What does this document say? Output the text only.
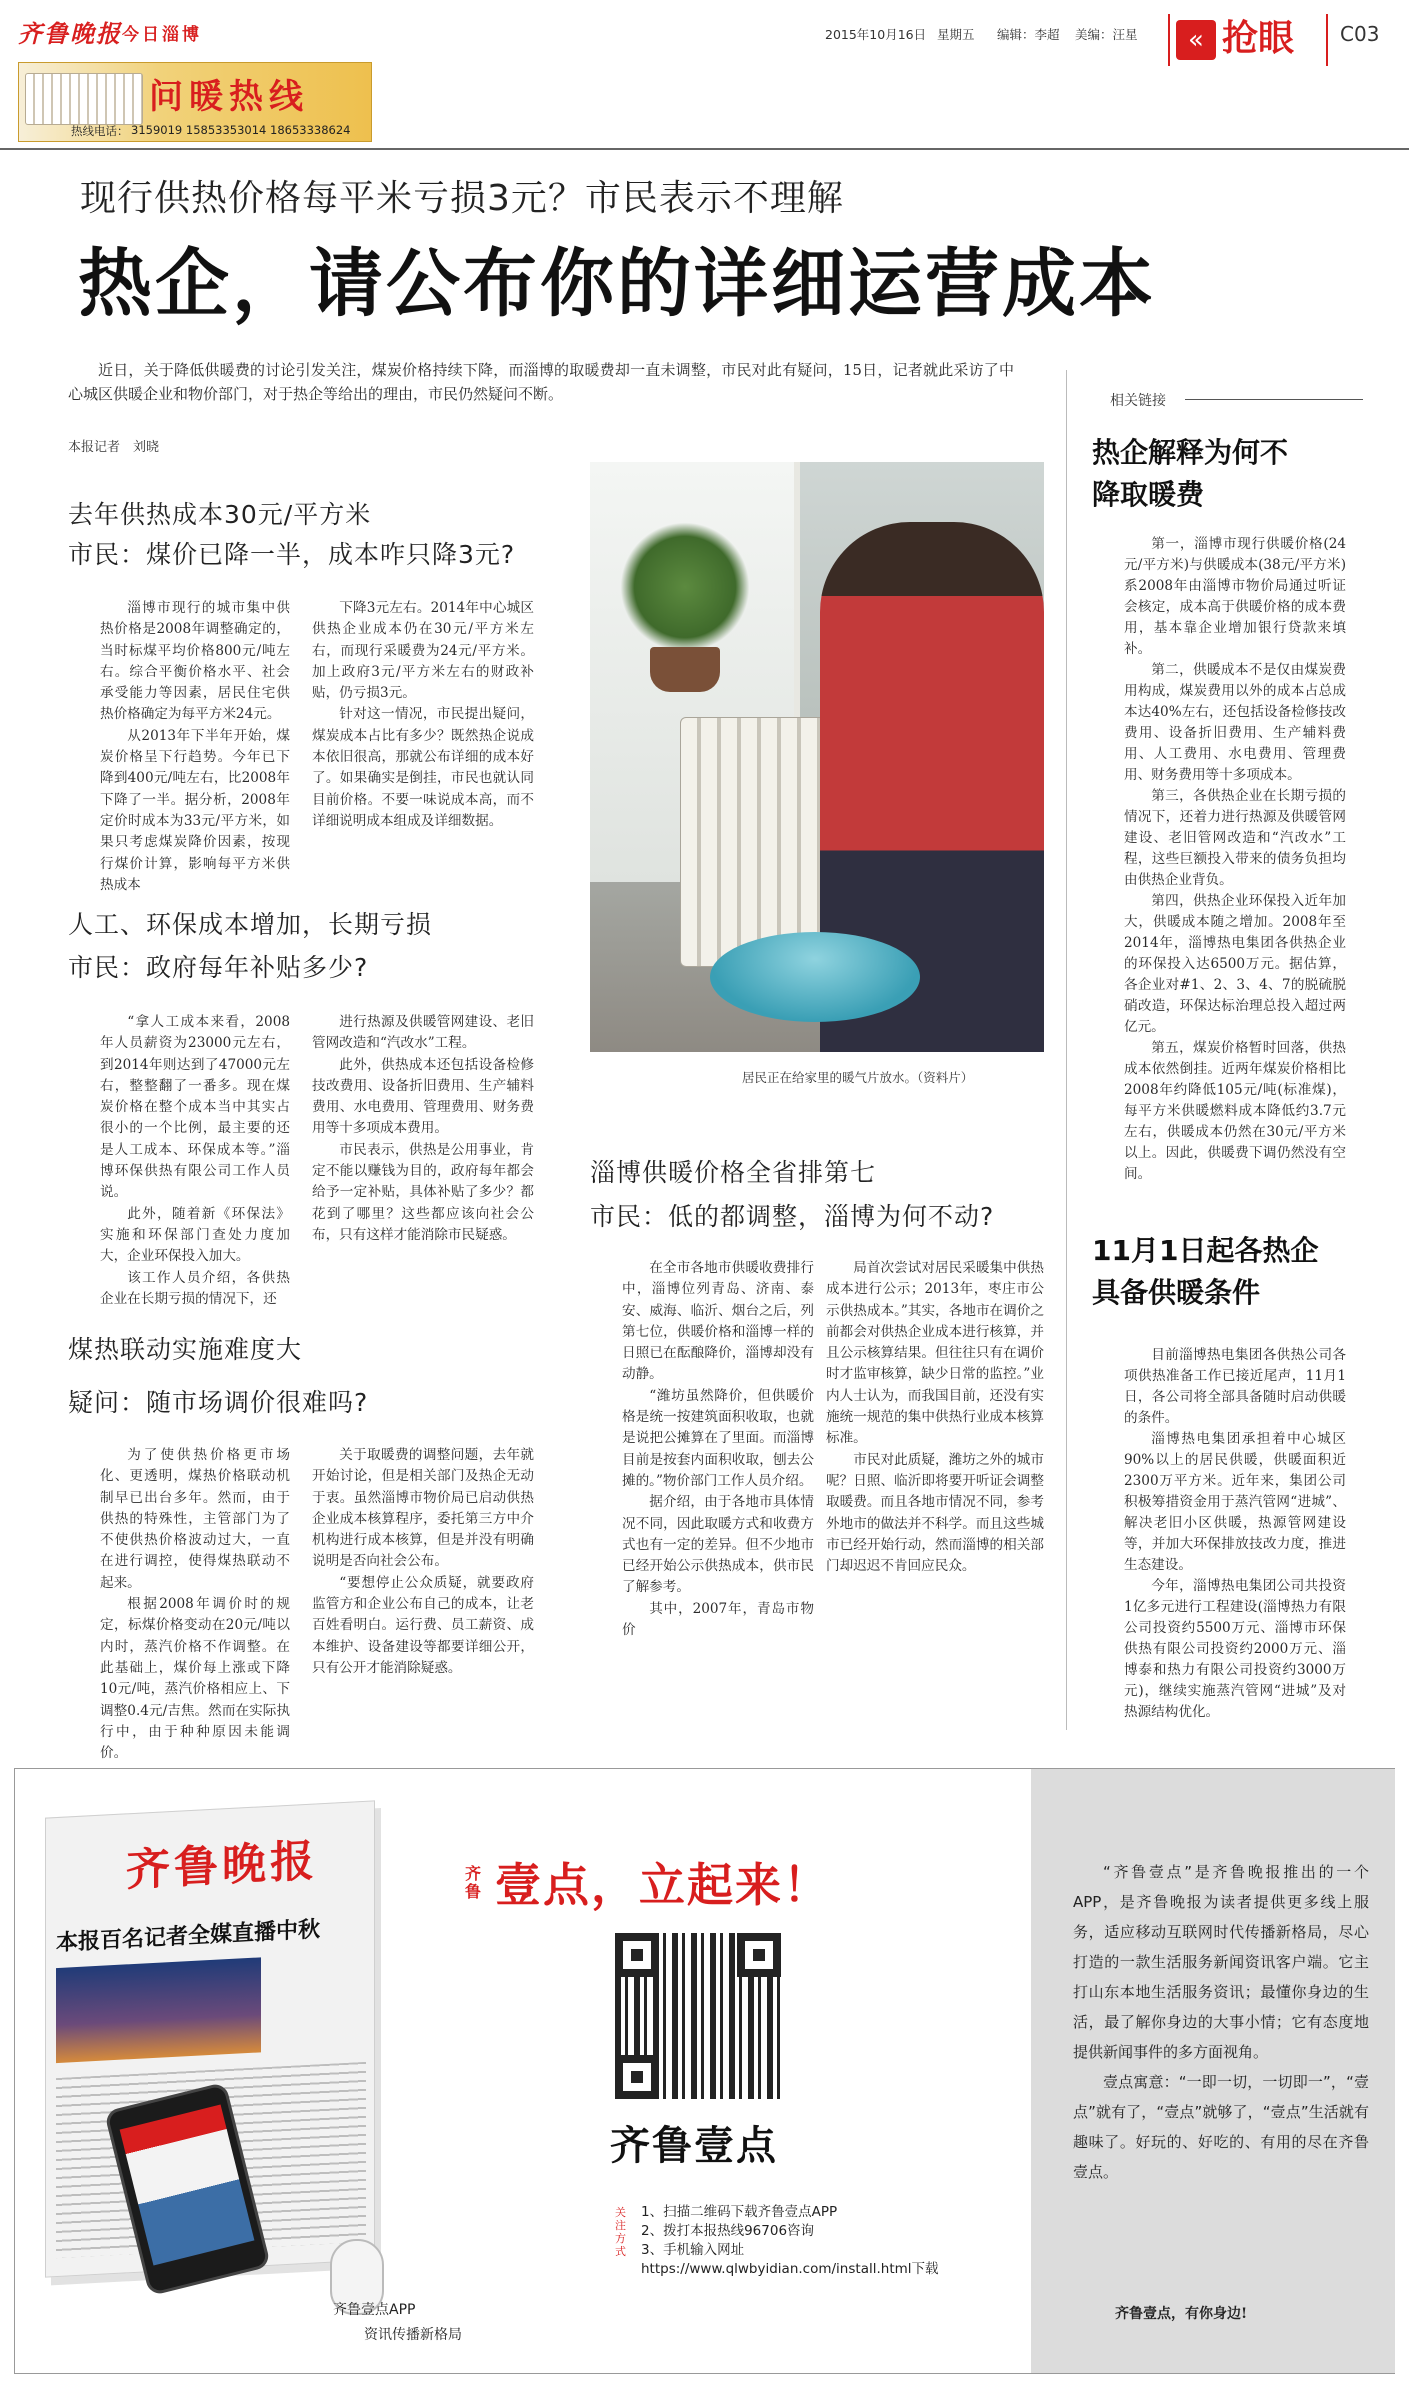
齐鲁晚报 今日淄博	2015年10月16日 星期五 编辑：李超 美编：汪星	« 抢眼 C03
问暖热线
热线电话： 3159019 15853353014 18653338624
现行供热价格每平米亏损3元？市民表示不理解
热企，请公布你的详细运营成本
近日，关于降低供暖费的讨论引发关注，煤炭价格持续下降，而淄博的取暖费却一直未调整，市民对此有疑问，15日，记者就此采访了中心城区供暖企业和物价部门，对于热企等给出的理由，市民仍然疑问不断。
本报记者　刘晓
去年供热成本30元/平方米
市民：煤价已降一半，成本咋只降3元?

淄博市现行的城市集中供热价格是2008年调整确定的，当时标煤平均价格800元/吨左右。综合平衡价格水平、社会承受能力等因素，居民住宅供热价格确定为每平方米24元。

从2013年下半年开始，煤炭价格呈下行趋势。今年已下降到400元/吨左右，比2008年下降了一半。据分析，2008年定价时成本为33元/平方米，如果只考虑煤炭降价因素，按现行煤价计算，影响每平方米供热成本

下降3元左右。2014年中心城区供热企业成本仍在30元/平方米左右，而现行采暖费为24元/平方米。加上政府3元/平方米左右的财政补贴，仍亏损3元。

针对这一情况，市民提出疑问，煤炭成本占比有多少？既然热企说成本依旧很高，那就公布详细的成本好了。如果确实是倒挂，市民也就认同目前价格。不要一味说成本高，而不详细说明成本组成及详细数据。

人工、环保成本增加，长期亏损
市民：政府每年补贴多少?

“拿人工成本来看，2008年人员薪资为23000元左右，到2014年则达到了47000元左右，整整翻了一番多。现在煤炭价格在整个成本当中其实占很小的一个比例，最主要的还是人工成本、环保成本等。”淄博环保供热有限公司工作人员说。

此外，随着新《环保法》实施和环保部门查处力度加大，企业环保投入加大。

该工作人员介绍，各供热企业在长期亏损的情况下，还

进行热源及供暖管网建设、老旧管网改造和“汽改水”工程。

此外，供热成本还包括设备检修技改费用、设备折旧费用、生产辅料费用、水电费用、管理费用、财务费用等十多项成本费用。

市民表示，供热是公用事业，肯定不能以赚钱为目的，政府每年都会给予一定补贴，具体补贴了多少？都花到了哪里？这些都应该向社会公布，只有这样才能消除市民疑惑。

煤热联动实施难度大
疑问：随市场调价很难吗?

为了使供热价格更市场化、更透明，煤热价格联动机制早已出台多年。然而，由于供热的特殊性，主管部门为了不使供热价格波动过大，一直在进行调控，使得煤热联动不起来。

根据2008年调价时的规定，标煤价格变动在20元/吨以内时，蒸汽价格不作调整。在此基础上，煤价每上涨或下降10元/吨，蒸汽价格相应上、下调整0.4元/吉焦。然而在实际执行中，由于种种原因未能调价。

关于取暖费的调整问题，去年就开始讨论，但是相关部门及热企无动于衷。虽然淄博市物价局已启动供热企业成本核算程序，委托第三方中介机构进行成本核算，但是并没有明确说明是否向社会公布。

“要想停止公众质疑，就要政府监管方和企业公布自己的成本，让老百姓看明白。运行费、员工薪资、成本维护、设备建设等都要详细公开，只有公开才能消除疑惑。

居民正在给家里的暖气片放水。（资料片）
淄博供暖价格全省排第七
市民：低的都调整，淄博为何不动?

在全市各地市供暖收费排行中，淄博位列青岛、济南、泰安、威海、临沂、烟台之后，列第七位，供暖价格和淄博一样的日照已在酝酿降价，淄博却没有动静。

“潍坊虽然降价，但供暖价格是统一按建筑面积收取，也就是说把公摊算在了里面。而淄博目前是按套内面积收取，刨去公摊的。”物价部门工作人员介绍。

据介绍，由于各地市具体情况不同，因此取暖方式和收费方式也有一定的差异。但不少地市已经开始公示供热成本，供市民了解参考。

其中，2007年，青岛市物价

局首次尝试对居民采暖集中供热成本进行公示；2013年，枣庄市公示供热成本。”其实，各地市在调价之前都会对供热企业成本进行核算，并且公示核算结果。但往往只有在调价时才监审核算，缺少日常的监控。”业内人士认为，而我国目前，还没有实施统一规范的集中供热行业成本核算标准。

市民对此质疑，潍坊之外的城市呢？日照、临沂即将要开听证会调整取暖费。而且各地市情况不同，参考外地市的做法并不科学。而且这些城市已经开始行动，然而淄博的相关部门却迟迟不肯回应民众。

相关链接
热企解释为何不降取暖费

第一，淄博市现行供暖价格(24元/平方米)与供暖成本(38元/平方米)系2008年由淄博市物价局通过听证会核定，成本高于供暖价格的成本费用，基本靠企业增加银行贷款来填补。

第二，供暖成本不是仅由煤炭费用构成，煤炭费用以外的成本占总成本达40%左右，还包括设备检修技改费用、设备折旧费用、生产辅料费用、人工费用、水电费用、管理费用、财务费用等十多项成本。

第三，各供热企业在长期亏损的情况下，还着力进行热源及供暖管网建设、老旧管网改造和“汽改水”工程，这些巨额投入带来的债务负担均由供热企业背负。

第四，供热企业环保投入近年加大，供暖成本随之增加。2008年至2014年，淄博热电集团各供热企业的环保投入达6500万元。据估算，各企业对#1、2、3、4、7的脱硫脱硝改造，环保达标治理总投入超过两亿元。

第五，煤炭价格暂时回落，供热成本依然倒挂。近两年煤炭价格相比2008年约降低105元/吨(标准煤)，每平方米供暖燃料成本降低约3.7元左右，供暖成本仍然在30元/平方米以上。因此，供暖费下调仍然没有空间。

11月1日起各热企具备供暖条件

目前淄博热电集团各供热公司各项供热准备工作已接近尾声，11月1日，各公司将全部具备随时启动供暖的条件。

淄博热电集团承担着中心城区90%以上的居民供暖，供暖面积近2300万平方米。近年来，集团公司积极筹措资金用于蒸汽管网“进城”、解决老旧小区供暖，热源管网建设等，并加大环保排放技改力度，推进生态建设。

今年，淄博热电集团公司共投资1亿多元进行工程建设(淄博热力有限公司投资约5500万元、淄博市环保供热有限公司投资约2000万元、淄博泰和热力有限公司投资约3000万元)，继续实施蒸汽管网“进城”及对热源结构优化。

齐鲁晚报
本报百名记者全媒直播中秋
齐鲁 壹点，立起来！
齐鲁壹点
关注方式
1、扫描二维码下载齐鲁壹点APP
2、拨打本报热线96706咨询
3、手机输入网址
https://www.qlwbyidian.com/install.html下载
齐鲁壹点APP
资讯传播新格局

“齐鲁壹点”是齐鲁晚报推出的一个APP，是齐鲁晚报为读者提供更多线上服务，适应移动互联网时代传播新格局，尽心打造的一款生活服务新闻资讯客户端。它主打山东本地生活服务资讯；最懂你身边的生活，最了解你身边的大事小情；它有态度地提供新闻事件的多方面视角。

壹点寓意：“一即一切，一切即一”，“壹点”就有了，“壹点”就够了，“壹点”生活就有趣味了。好玩的、好吃的、有用的尽在齐鲁壹点。

齐鲁壹点，有你身边!
